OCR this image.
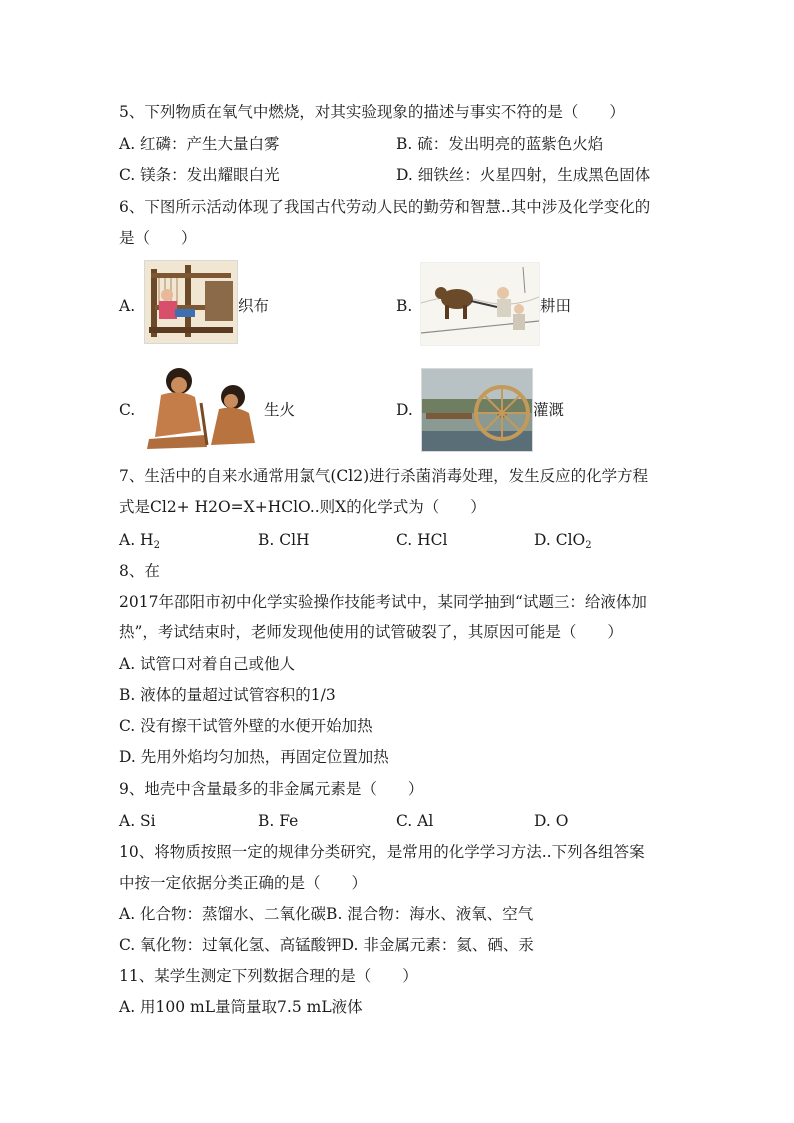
5、下列物质在氧气中燃烧，对其实验现象的描述与事实不符的是（　　）
A. 红磷：产生大量白雾	B. 硫：发出明亮的蓝紫色火焰
C. 镁条：发出耀眼白光	D. 细铁丝：火星四射，生成黑色固体
6、下图所示活动体现了我国古代劳动人民的勤劳和智慧..其中涉及化学变化的
是（　　）
A.	织布	B.	耕田
C.	生火	D.	灌溉
7、生活中的自来水通常用氯气(Cl2)进行杀菌消毒处理，发生反应的化学方程
式是Cl2+ H2O=X+HClO..则X的化学式为（　　）
A. $H_2$	B. ClH	C. HCl	D. ClO$_2$
8、在
2017年邵阳市初中化学实验操作技能考试中，某同学抽到“试题三：给液体加
热”，考试结束时，老师发现他使用的试管破裂了，其原因可能是（　　）
A. 试管口对着自己或他人
B. 液体的量超过试管容积的1/3
C. 没有擦干试管外壁的水便开始加热
D. 先用外焰均匀加热，再固定位置加热
9、地壳中含量最多的非金属元素是（　　）
A. Si	B. Fe	C. Al	D. O
10、将物质按照一定的规律分类研究，是常用的化学学习方法..下列各组答案
中按一定依据分类正确的是（　　）
A. 化合物：蒸馏水、二氧化碳B. 混合物：海水、液氧、空气
C. 氧化物：过氧化氢、高锰酸钾D. 非金属元素：氦、硒、汞
11、某学生测定下列数据合理的是（　　）
A. 用100 mL量筒量取7.5 mL液体
